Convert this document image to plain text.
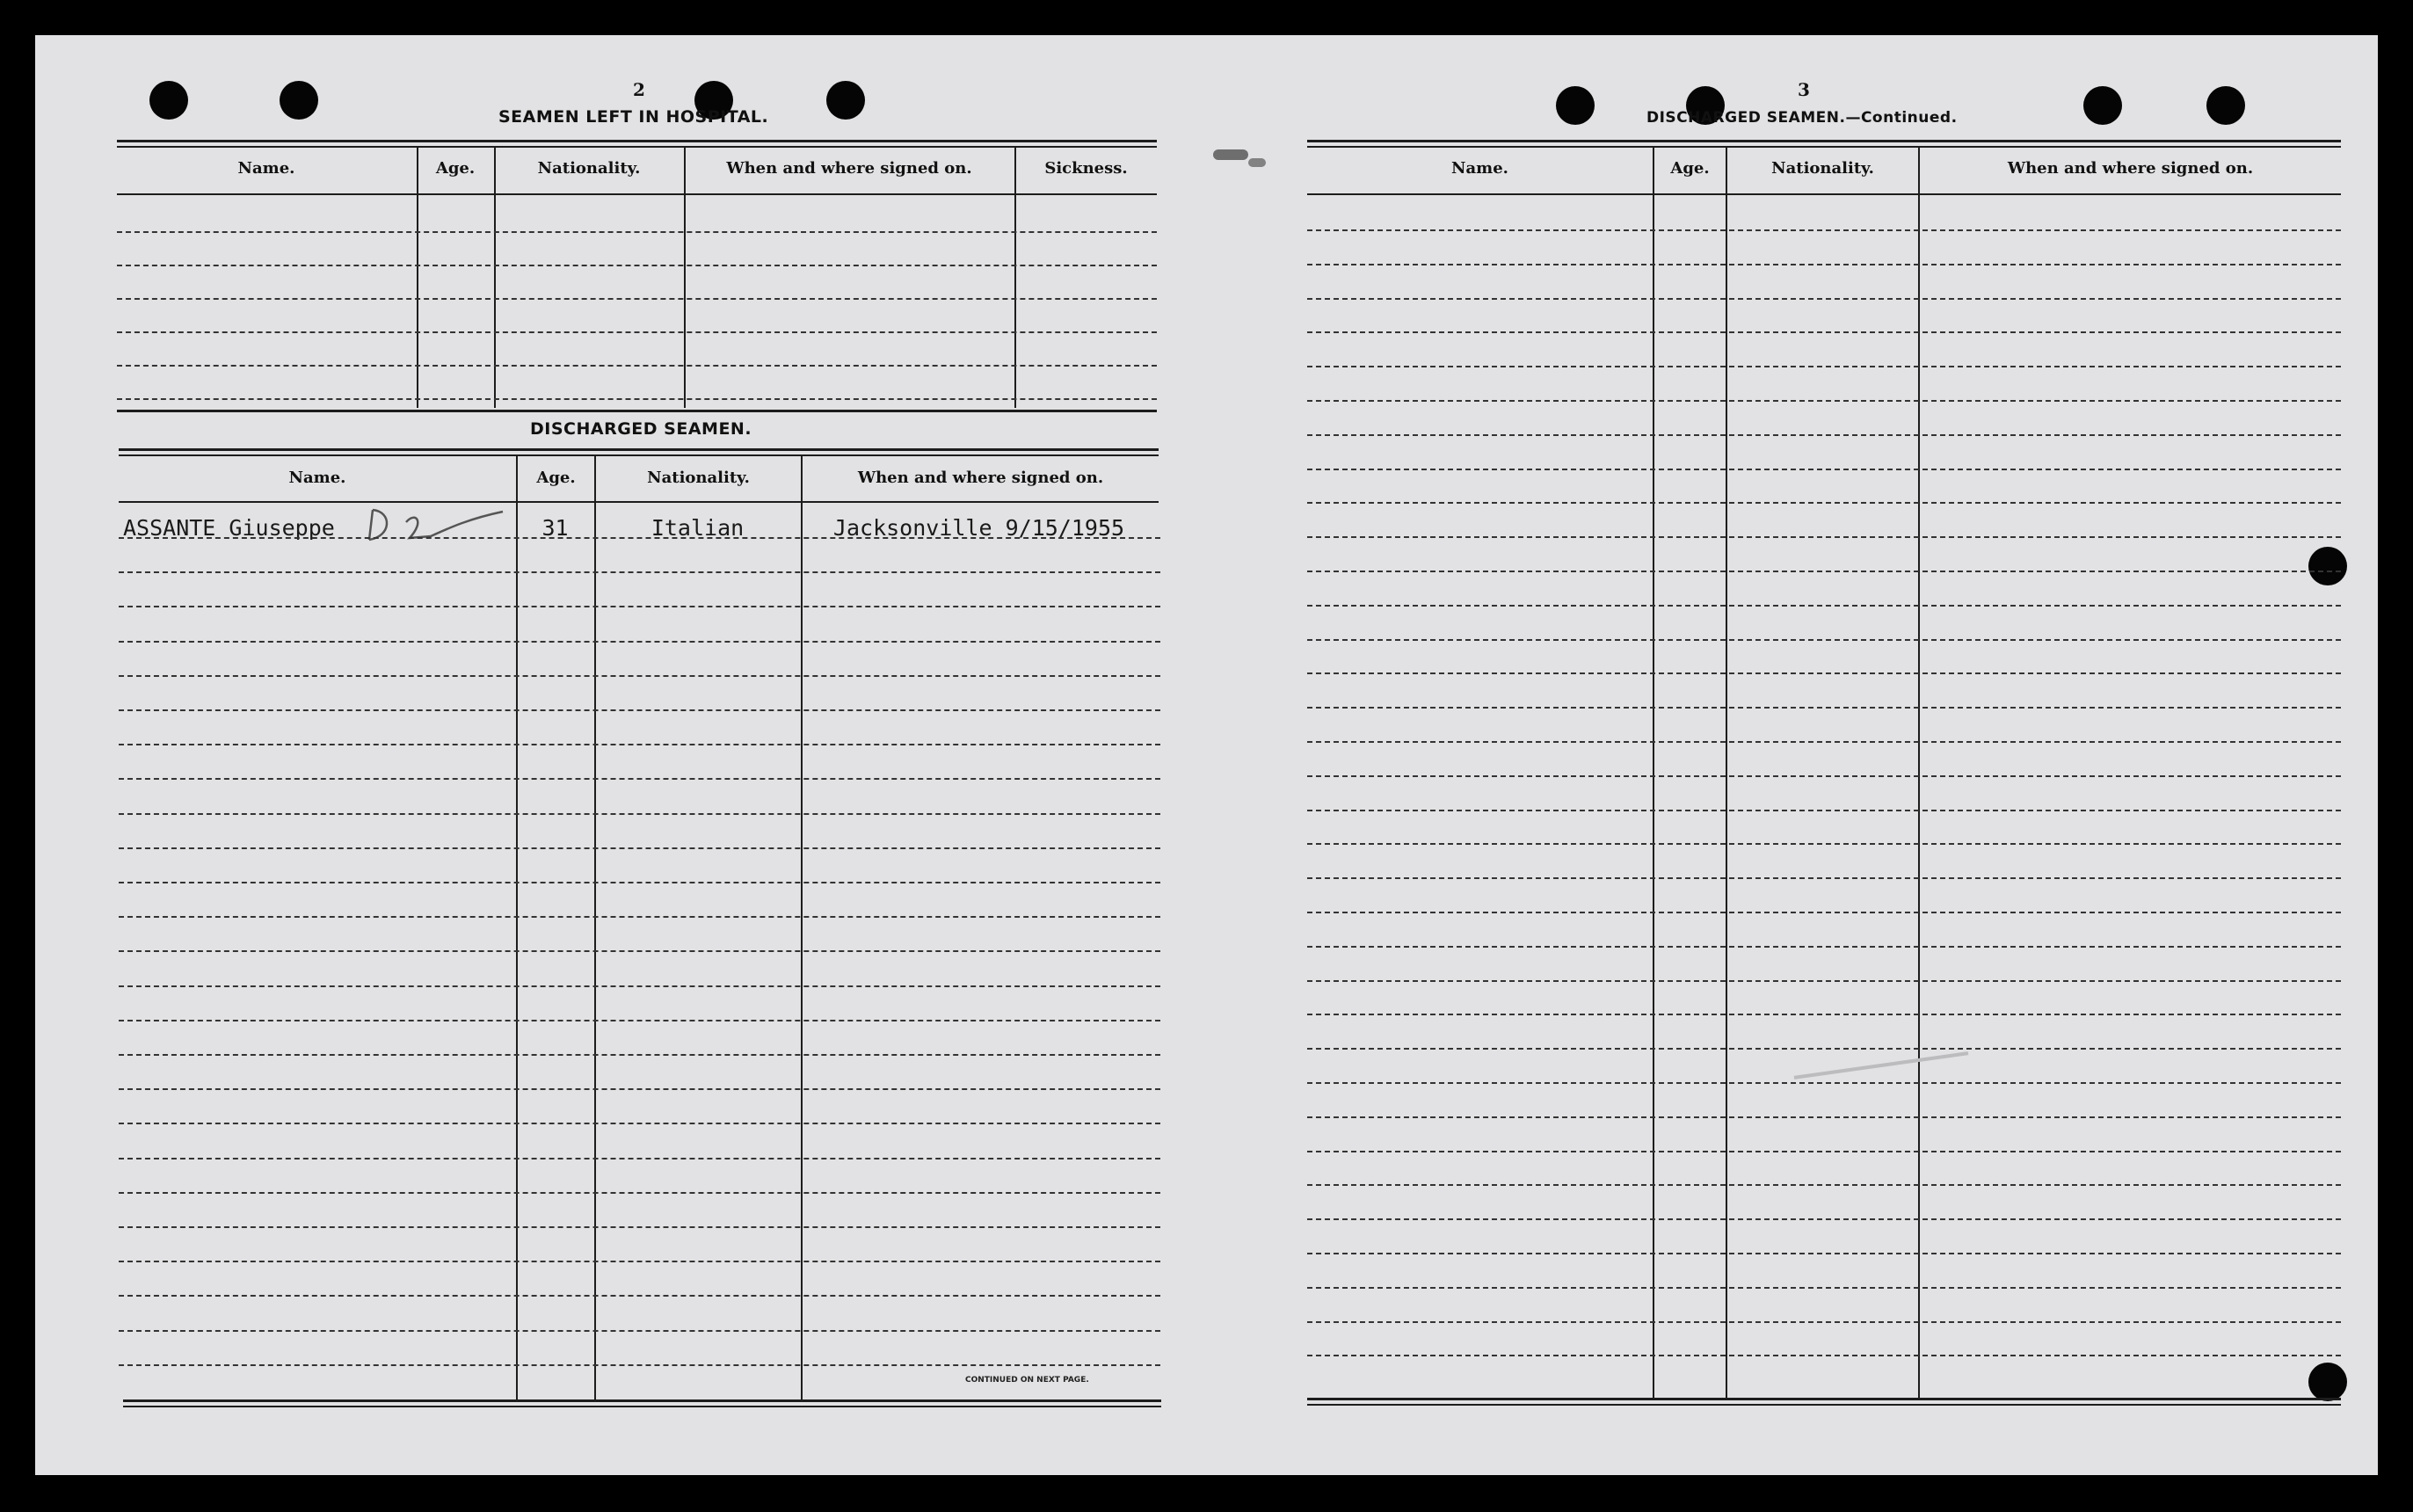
2
SEAMEN LEFT IN HOSPITAL.
Name.	Age.	Nationality.	When and where signed on.	Sickness.
DISCHARGED SEAMEN.
Name.	Age.	Nationality.	When and where signed on.
ASSANTE Giuseppe	31	Italian	Jacksonville 9/15/1955
CONTINUED ON NEXT PAGE.
3
DISCHARGED SEAMEN.—Continued.
Name.	Age.	Nationality.	When and where signed on.
